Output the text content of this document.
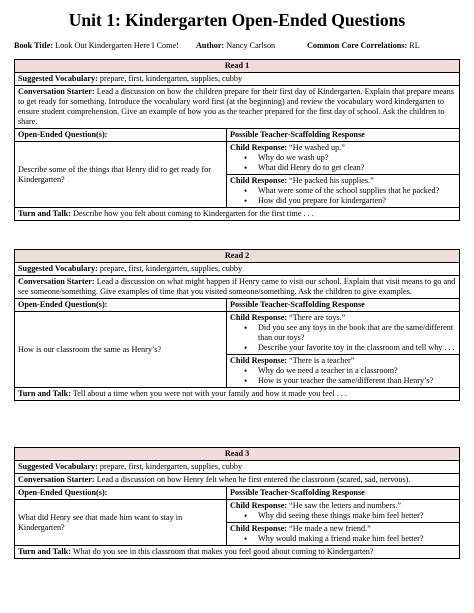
Unit 1: Kindergarten Open-Ended Questions
Book Title: Look Out Kindergarten Here I Come! Author: Nancy Carlson	Common Core Correlations: RL
Read 1
Suggested Vocabulary: prepare, first, kindergarten, supplies, cubby
Conversation Starter: Lead a discussion on how the children prepare for their first day of Kindergarten. Explain that prepare means to get ready for something. Introduce the vocabulary word first (at the beginning) and review the vocabulary word kindergarten to ensure student comprehension. Give an example of how you as the teacher prepared for the first day of school. Ask the children to share.
Open-Ended Question(s):	Possible Teacher-Scaffolding Response
Describe some of the things that Henry did to get ready for Kindergarten?
Child Response: “He washed up.”
• Why do we wash up?
• What did Henry do to get clean?
Child Response: “He packed his supplies.”
• What were some of the school supplies that he packed?
• How did you prepare for kindergarten?
Turn and Talk: Describe how you felt about coming to Kindergarten for the first time . . .
Read 2
Suggested Vocabulary: prepare, first, kindergarten, supplies, cubby
Conversation Starter: Lead a discussion on what might happen if Henry came to visit our school. Explain that visit means to go and see someone/something. Give examples of time that you visited someone/something. Ask the children to give examples.
Open-Ended Question(s):	Possible Teacher-Scaffolding Response
How is our classroom the same as Henry’s?
Child Response: “There are toys.”
• Did you see any toys in the book that are the same/different than our toys?
• Describe your favorite toy in the classroom and tell why . . .
Child Response: “There is a teacher”
• Why do we need a teacher in a classroom?
• How is your teacher the same/different than Henry’s?
Turn and Talk: Tell about a time when you were not with your family and how it made you feel . . .
Read 3
Suggested Vocabulary: prepare, first, kindergarten, supplies, cubby
Conversation Starter: Lead a discussion on how Henry felt when he first entered the classroom (scared, sad, nervous).
Open-Ended Question(s):	Possible Teacher-Scaffolding Response
What did Henry see that made him want to stay in Kindergarten?
Child Response: “He saw the letters and numbers.”
• Why did seeing these things make him feel better?
Child Response: “He made a new friend.”
• Why would making a friend make him feel better?
Turn and Talk: What do you see in this classroom that makes you feel good about coming to Kindergarten?
